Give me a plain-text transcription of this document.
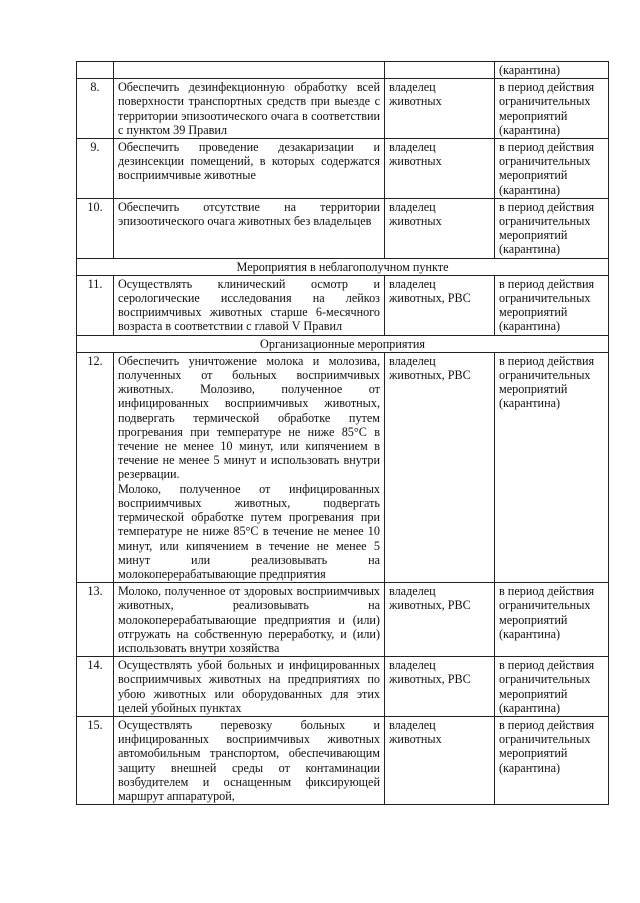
			(карантина)
8.	Обеспечить дезинфекционную обработку всей поверхности транспортных средств при выезде с территории эпизоотического очага в соответствии с пунктом 39 Правил	владелец животных	в период действия ограничительных мероприятий (карантина)
9.	Обеспечить проведение дезакаризации и дезинсекции помещений, в которых содержатся восприимчивые животные	владелец животных	в период действия ограничительных мероприятий (карантина)
10.	Обеспечить отсутствие на территории эпизоотического очага животных без владельцев	владелец животных	в период действия ограничительных мероприятий (карантина)
Мероприятия в неблагополучном пункте			
11.	Осуществлять клинический осмотр и серологические исследования на лейкоз восприимчивых животных старше 6-месячного возраста в соответствии с главой V Правил	владелец животных, РВС	в период действия ограничительных мероприятий (карантина)
Организационные мероприятия			
12.	Обеспечить уничтожение молока и молозива, полученных от больных восприимчивых животных. Молозиво, полученное от инфицированных восприимчивых животных, подвергать термической обработке путем прогревания при температуре не ниже 85°С в течение не менее 10 минут, или кипячением в течение не менее 5 минут и использовать внутри резервации.

Молоко, полученное от инфицированных восприимчивых животных, подвергать термической обработке путем прогревания при температуре не ниже 85°С в течение не менее 10 минут, или кипячением в течение не менее 5 минут или реализовывать на молокоперерабатывающие предприятия	владелец животных, РВС	в период действия ограничительных мероприятий (карантина)
13.	Молоко, полученное от здоровых восприимчивых животных, реализовывать на молокоперерабатывающие предприятия и (или) отгружать на собственную переработку, и (или) использовать внутри хозяйства	владелец животных, РВС	в период действия ограничительных мероприятий (карантина)
14.	Осуществлять убой больных и инфицированных восприимчивых животных на предприятиях по убою животных или оборудованных для этих целей убойных пунктах	владелец животных, РВС	в период действия ограничительных мероприятий (карантина)
15.	Осуществлять перевозку больных и инфицированных восприимчивых животных автомобильным транспортом, обеспечивающим защиту внешней среды от контаминации возбудителем и оснащенным фиксирующей маршрут аппаратурой,	владелец животных	в период действия ограничительных мероприятий (карантина)
